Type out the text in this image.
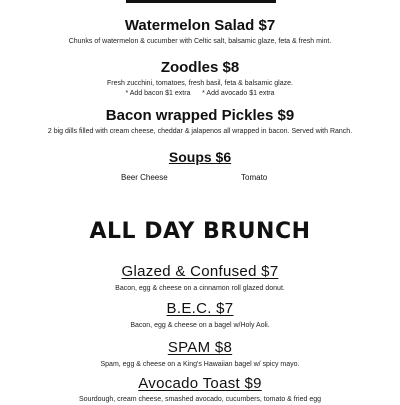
Watermelon Salad $7
Chunks of watermelon & cucumber with Celtic salt, balsamic glaze, feta & fresh mint.
Zoodles $8
Fresh zucchini, tomatoes, fresh basil, feta & balsamic glaze.
* Add bacon $1 extra      * Add avocado $1 extra
Bacon wrapped Pickles $9
2 big dills filled with cream cheese, cheddar & jalapenos all wrapped in bacon. Served with Ranch.
Soups $6
Beer Cheese	Tomato
ALL DAY BRUNCH
Glazed & Confused $7
Bacon, egg & cheese on a cinnamon roll glazed donut.
B.E.C. $7
Bacon, egg & cheese on a bagel w/Holy Aoli.
SPAM $8
Spam, egg & cheese on a King's Hawaiian bagel w/ spicy mayo.
Avocado Toast $9
Sourdough, cream cheese, smashed avocado, cucumbers, tomato & fried egg
